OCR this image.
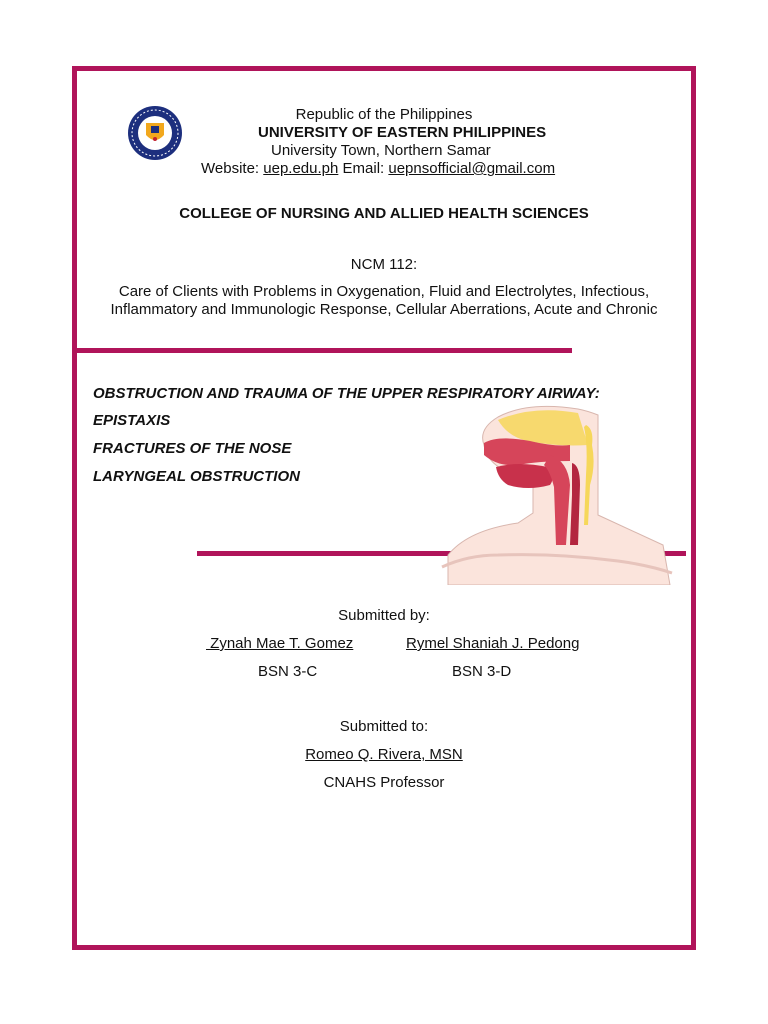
Republic of the Philippines
UNIVERSITY OF EASTERN PHILIPPINES
University Town, Northern Samar
Website: uep.edu.ph Email: uepnsofficial@gmail.com
COLLEGE OF NURSING AND ALLIED HEALTH SCIENCES
NCM 112:
Care of Clients with Problems in Oxygenation, Fluid and Electrolytes, Infectious,
Inflammatory and Immunologic Response, Cellular Aberrations, Acute and Chronic
OBSTRUCTION AND TRAUMA OF THE UPPER RESPIRATORY AIRWAY:
EPISTAXIS
FRACTURES OF THE NOSE
LARYNGEAL OBSTRUCTION
Submitted by:
Zynah Mae T. Gomez	Rymel Shaniah J. Pedong
BSN 3-C	BSN 3-D
Submitted to:
Romeo Q. Rivera, MSN
CNAHS Professor
